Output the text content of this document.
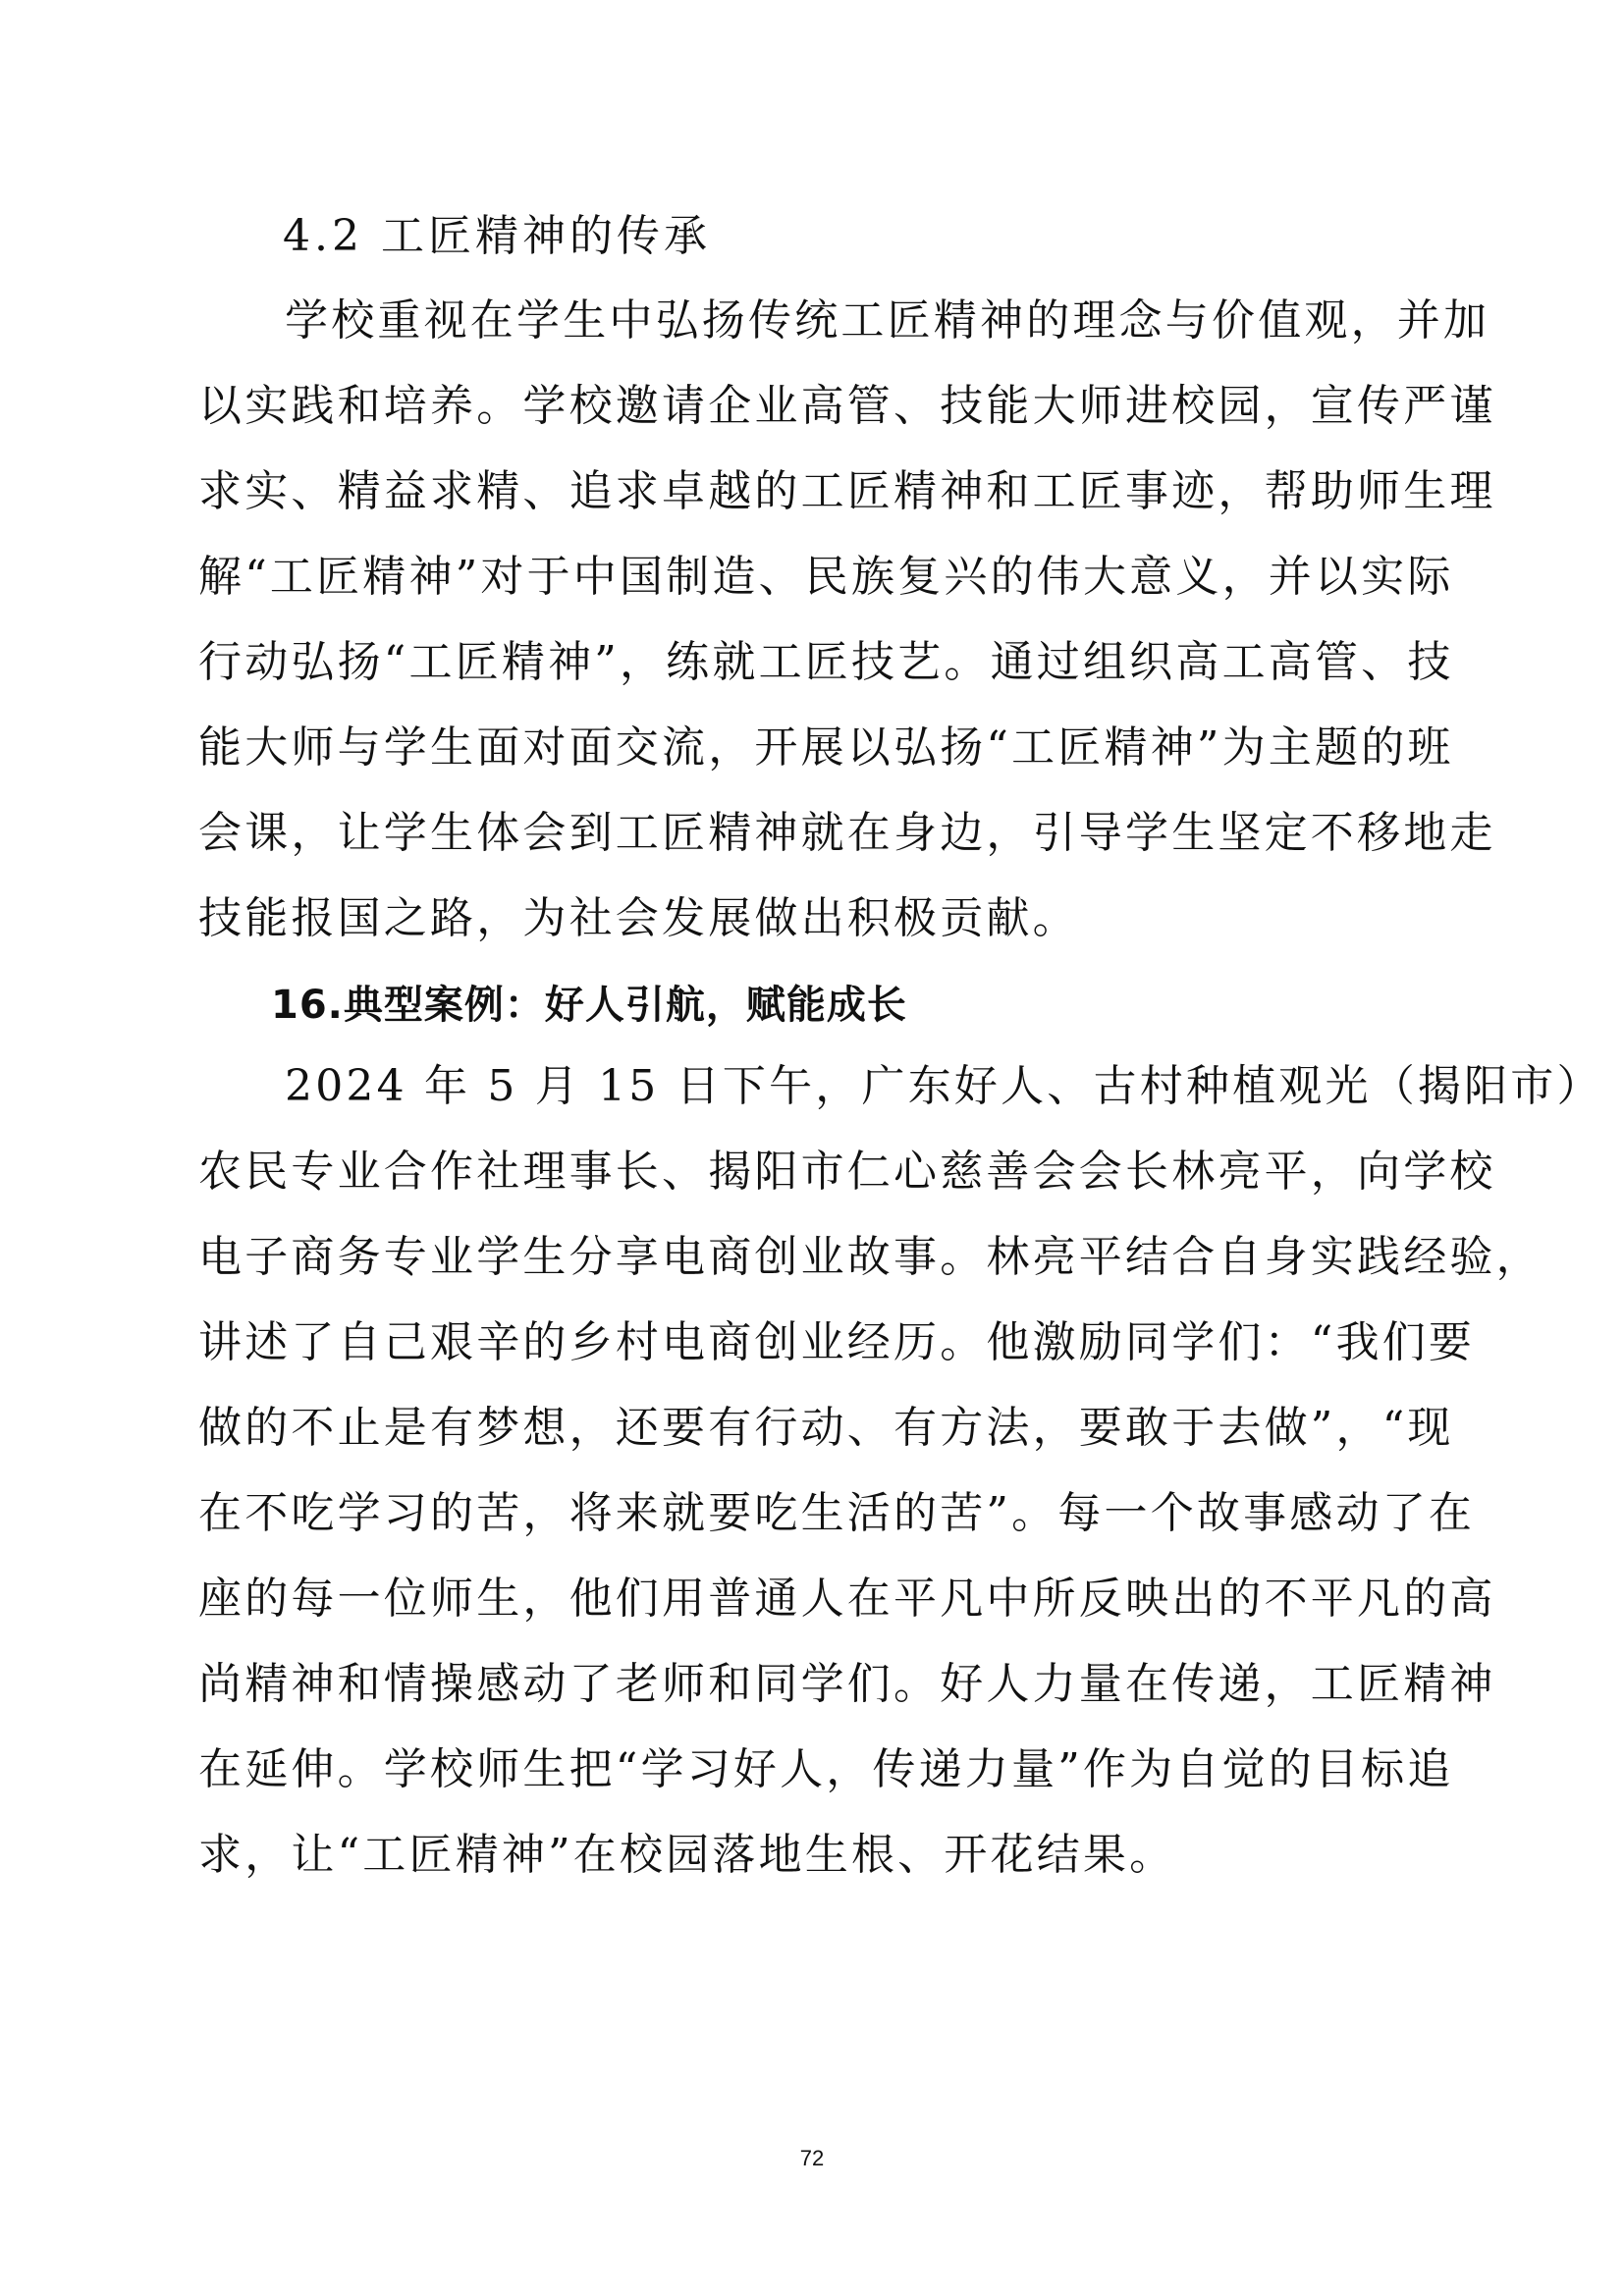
4.2 工匠精神的传承
学校重视在学生中弘扬传统工匠精神的理念与价值观，并加
以实践和培养。学校邀请企业高管、技能大师进校园，宣传严谨
求实、精益求精、追求卓越的工匠精神和工匠事迹，帮助师生理
解“工匠精神”对于中国制造、民族复兴的伟大意义，并以实际
行动弘扬“工匠精神”，练就工匠技艺。通过组织高工高管、技
能大师与学生面对面交流，开展以弘扬“工匠精神”为主题的班
会课，让学生体会到工匠精神就在身边，引导学生坚定不移地走
技能报国之路，为社会发展做出积极贡献。
16.典型案例：好人引航，赋能成长
2024 年 5 月 15 日下午，广东好人、古村种植观光（揭阳市）
农民专业合作社理事长、揭阳市仁心慈善会会长林亮平，向学校
电子商务专业学生分享电商创业故事。林亮平结合自身实践经验，
讲述了自己艰辛的乡村电商创业经历。他激励同学们：“我们要
做的不止是有梦想，还要有行动、有方法，要敢于去做”，“现
在不吃学习的苦，将来就要吃生活的苦”。每一个故事感动了在
座的每一位师生，他们用普通人在平凡中所反映出的不平凡的高
尚精神和情操感动了老师和同学们。好人力量在传递，工匠精神
在延伸。学校师生把“学习好人，传递力量”作为自觉的目标追
求，让“工匠精神”在校园落地生根、开花结果。
72
